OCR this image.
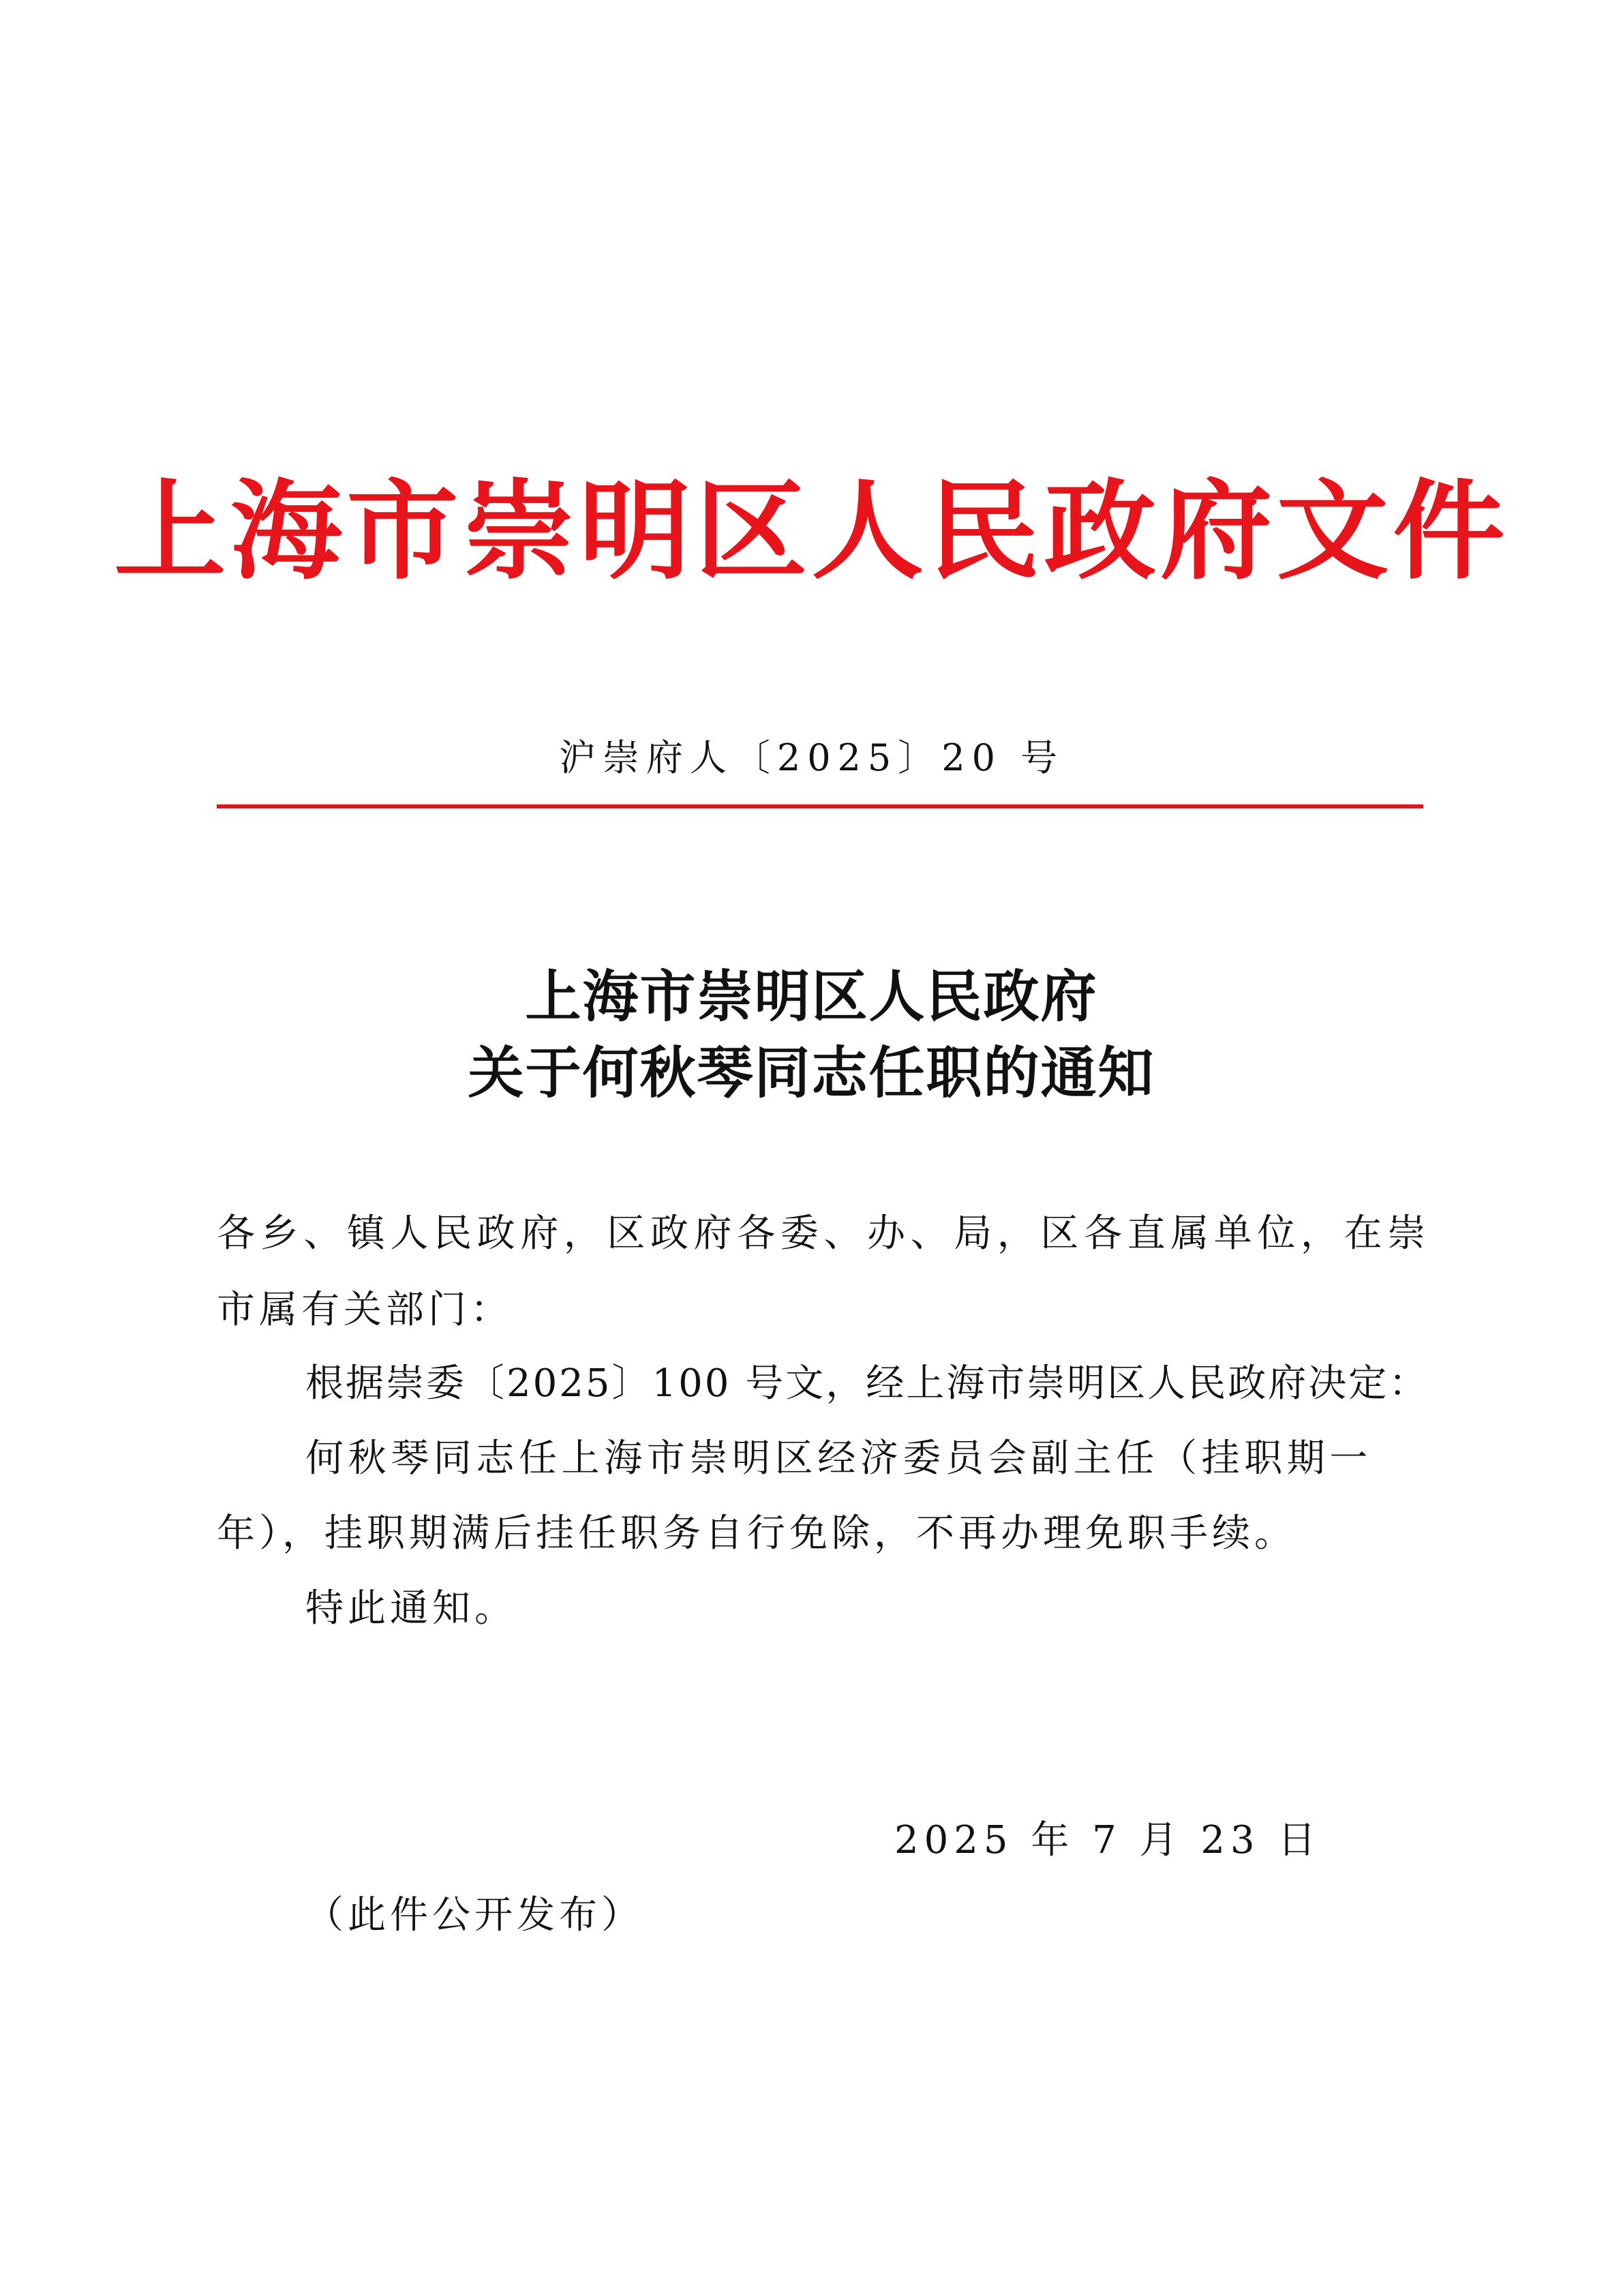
上海市崇明区人民政府文件
沪崇府人〔2025〕20 号
上海市崇明区人民政府
关于何秋琴同志任职的通知
各乡、镇人民政府，区政府各委、办、局，区各直属单位，在崇
市属有关部门：
根据崇委〔2025〕100 号文，经上海市崇明区人民政府决定：
何秋琴同志任上海市崇明区经济委员会副主任（挂职期一
年），挂职期满后挂任职务自行免除，不再办理免职手续。
特此通知。
2025 年 7 月 23 日
（此件公开发布）
